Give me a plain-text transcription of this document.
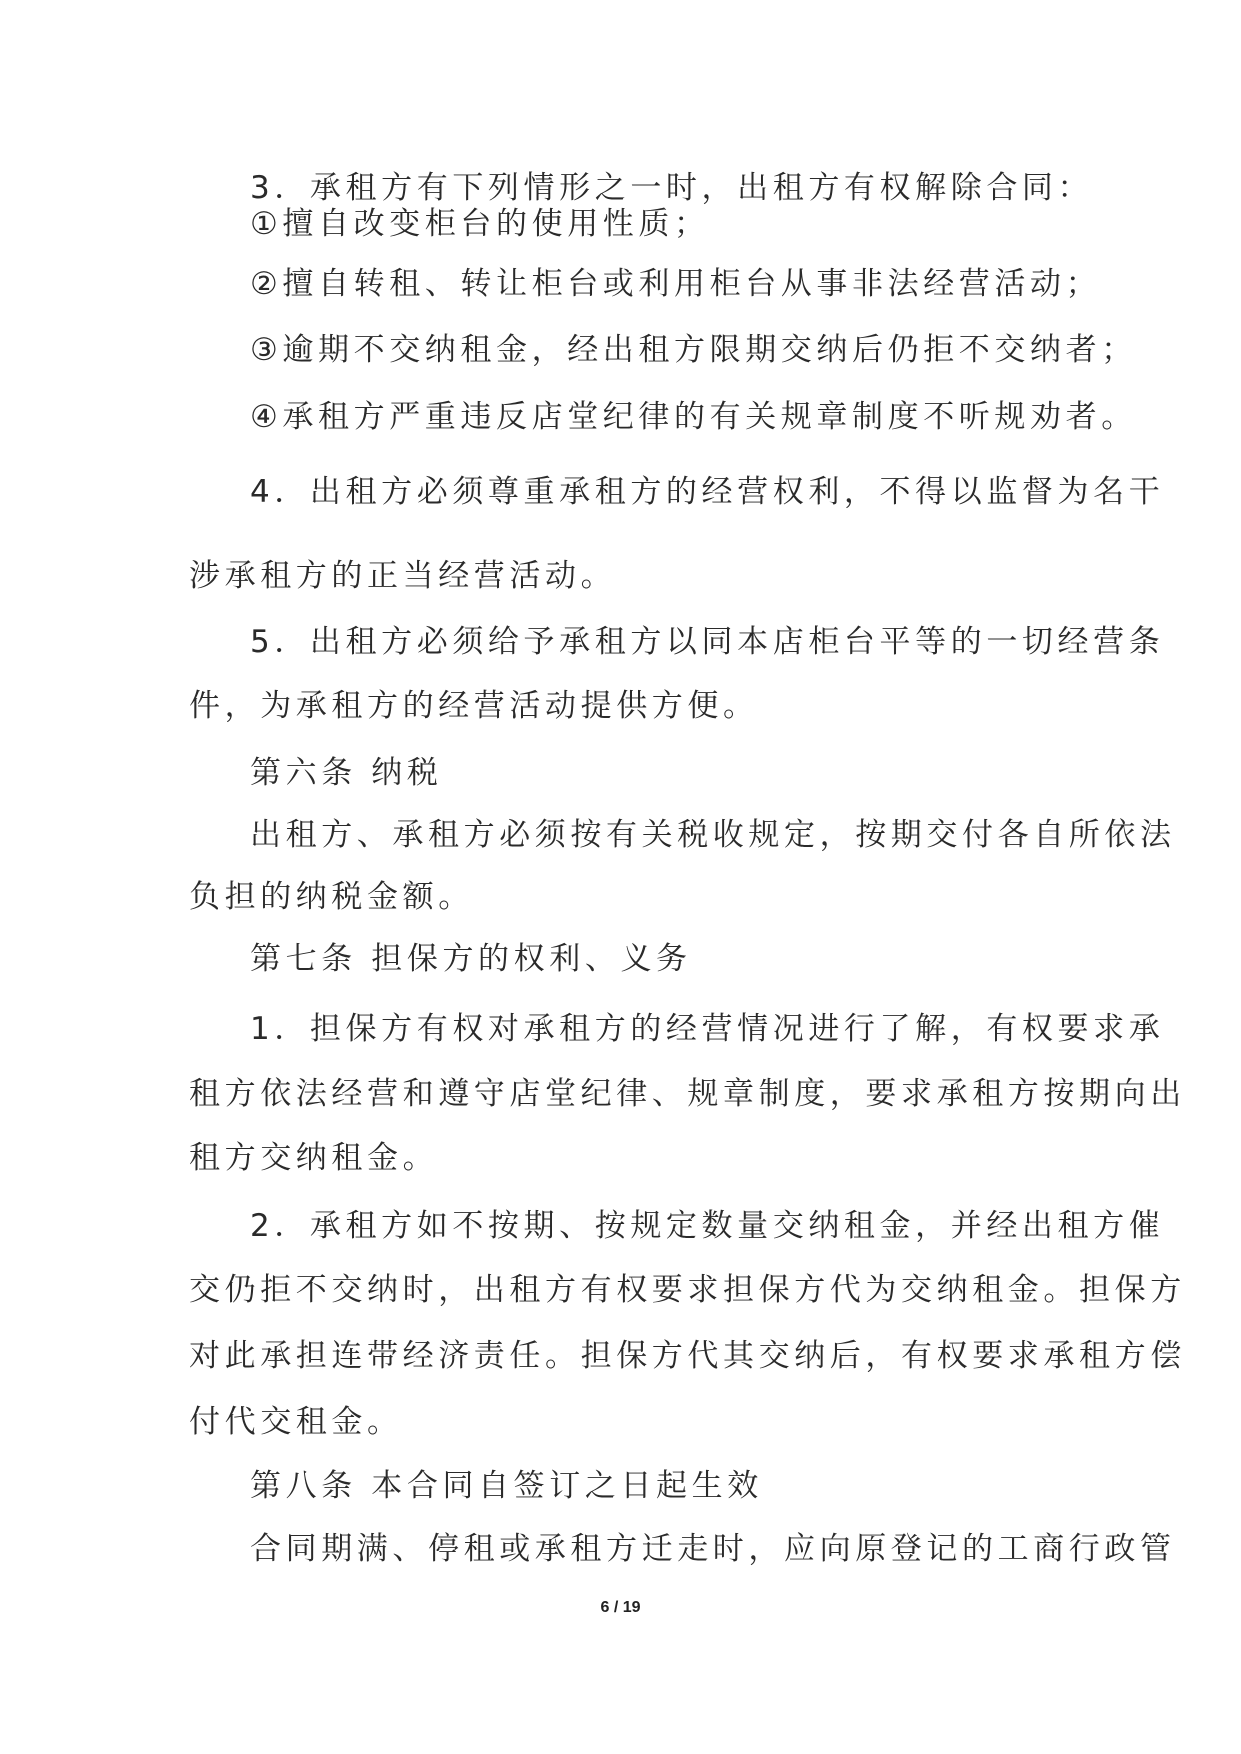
3．承租方有下列情形之一时，出租方有权解除合同：
①擅自改变柜台的使用性质；
②擅自转租、转让柜台或利用柜台从事非法经营活动；
③逾期不交纳租金，经出租方限期交纳后仍拒不交纳者；
④承租方严重违反店堂纪律的有关规章制度不听规劝者。
4．出租方必须尊重承租方的经营权利，不得以监督为名干
涉承租方的正当经营活动。
5．出租方必须给予承租方以同本店柜台平等的一切经营条
件，为承租方的经营活动提供方便。
第六条 纳税
出租方、承租方必须按有关税收规定，按期交付各自所依法
负担的纳税金额。
第七条 担保方的权利、义务
1．担保方有权对承租方的经营情况进行了解，有权要求承
租方依法经营和遵守店堂纪律、规章制度，要求承租方按期向出
租方交纳租金。
2．承租方如不按期、按规定数量交纳租金，并经出租方催
交仍拒不交纳时，出租方有权要求担保方代为交纳租金。担保方
对此承担连带经济责任。担保方代其交纳后，有权要求承租方偿
付代交租金。
第八条 本合同自签订之日起生效
合同期满、停租或承租方迁走时，应向原登记的工商行政管
6 / 19
